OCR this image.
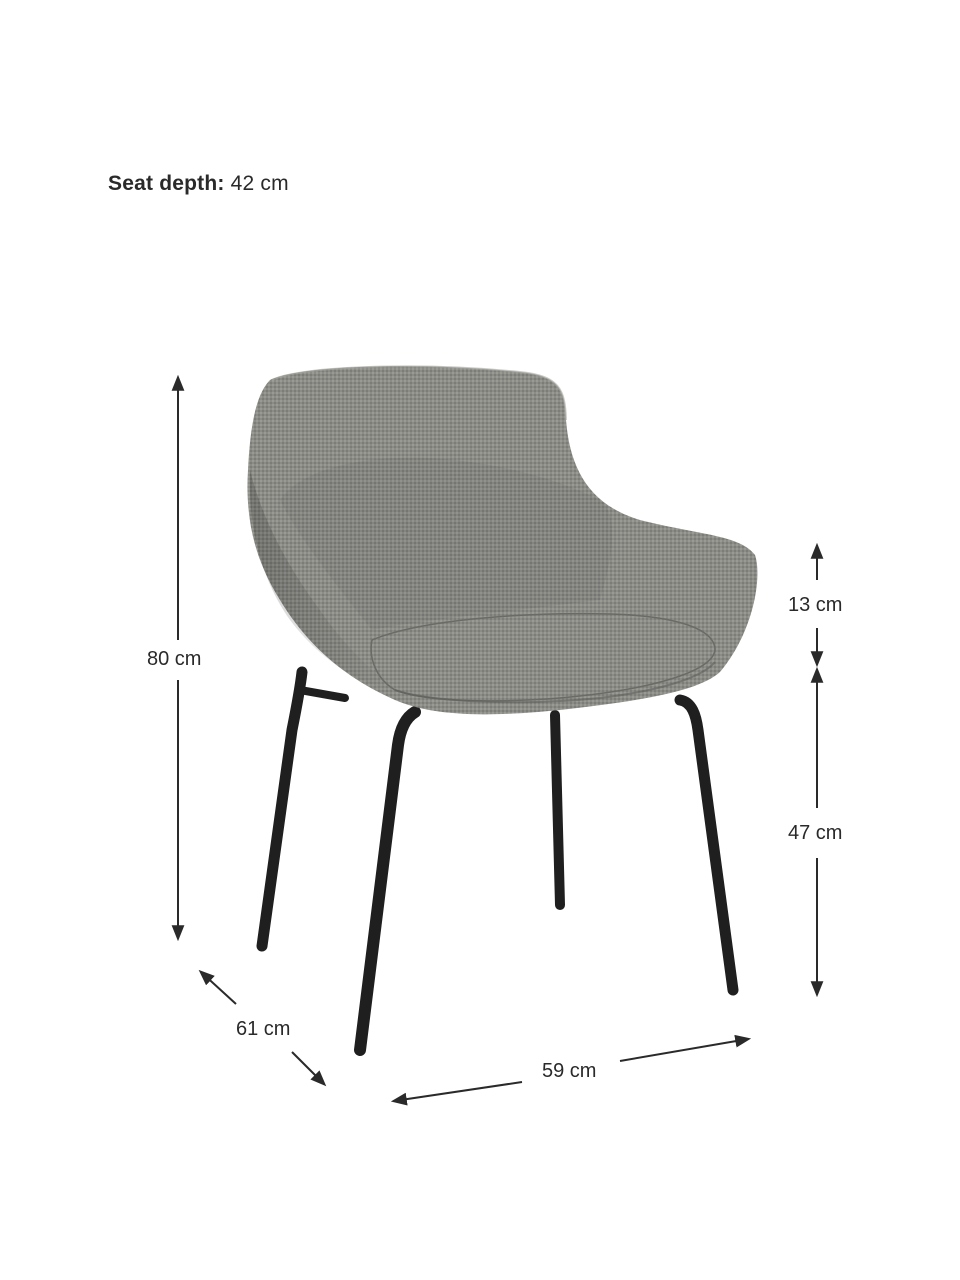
Seat depth: 42 cm
80 cm
13 cm
47 cm
61 cm
59 cm
